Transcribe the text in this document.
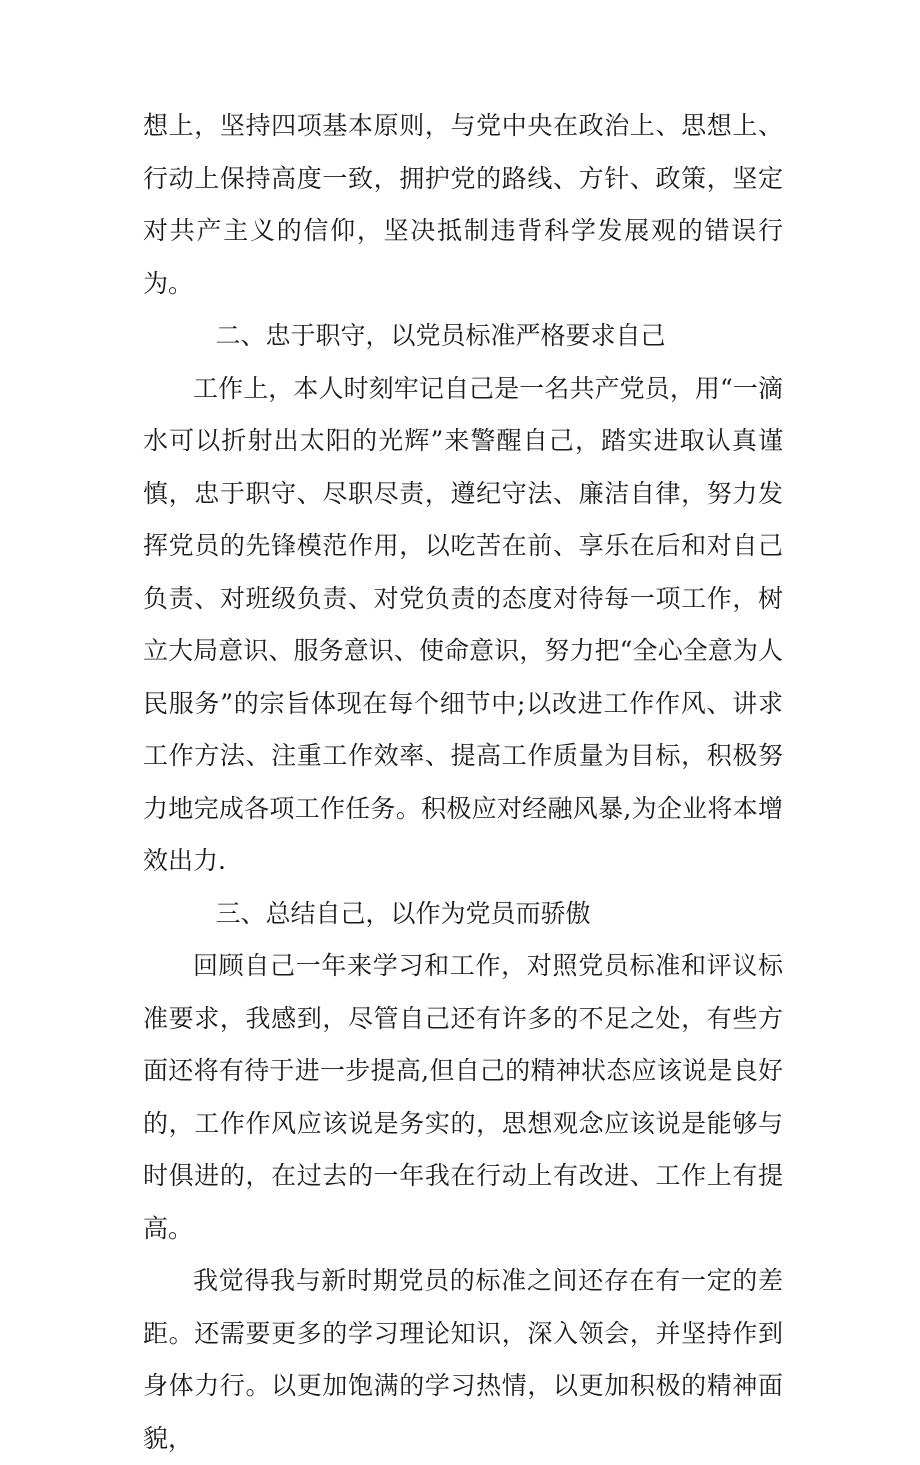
想上，坚持四项基本原则，与党中央在政治上、思想上、行动上保持高度一致，拥护党的路线、方针、政策，坚定对共产主义的信仰，坚决抵制违背科学发展观的错误行为。

二、忠于职守，以党员标准严格要求自己

工作上，本人时刻牢记自己是一名共产党员，用“一滴水可以折射出太阳的光辉”来警醒自己，踏实进取认真谨慎，忠于职守、尽职尽责，遵纪守法、廉洁自律，努力发挥党员的先锋模范作用，以吃苦在前、享乐在后和对自己负责、对班级负责、对党负责的态度对待每一项工作，树立大局意识、服务意识、使命意识，努力把“全心全意为人民服务”的宗旨体现在每个细节中;以改进工作作风、讲求工作方法、注重工作效率、提高工作质量为目标，积极努力地完成各项工作任务。积极应对经融风暴,为企业将本增效出力.

三、总结自己，以作为党员而骄傲

回顾自己一年来学习和工作，对照党员标准和评议标准要求，我感到，尽管自己还有许多的不足之处，有些方面还将有待于进一步提高,但自己的精神状态应该说是良好的，工作作风应该说是务实的，思想观念应该说是能够与时俱进的，在过去的一年我在行动上有改进、工作上有提高。

我觉得我与新时期党员的标准之间还存在有一定的差距。还需要更多的学习理论知识，深入领会，并坚持作到身体力行。以更加饱满的学习热情，以更加积极的精神面貌，
